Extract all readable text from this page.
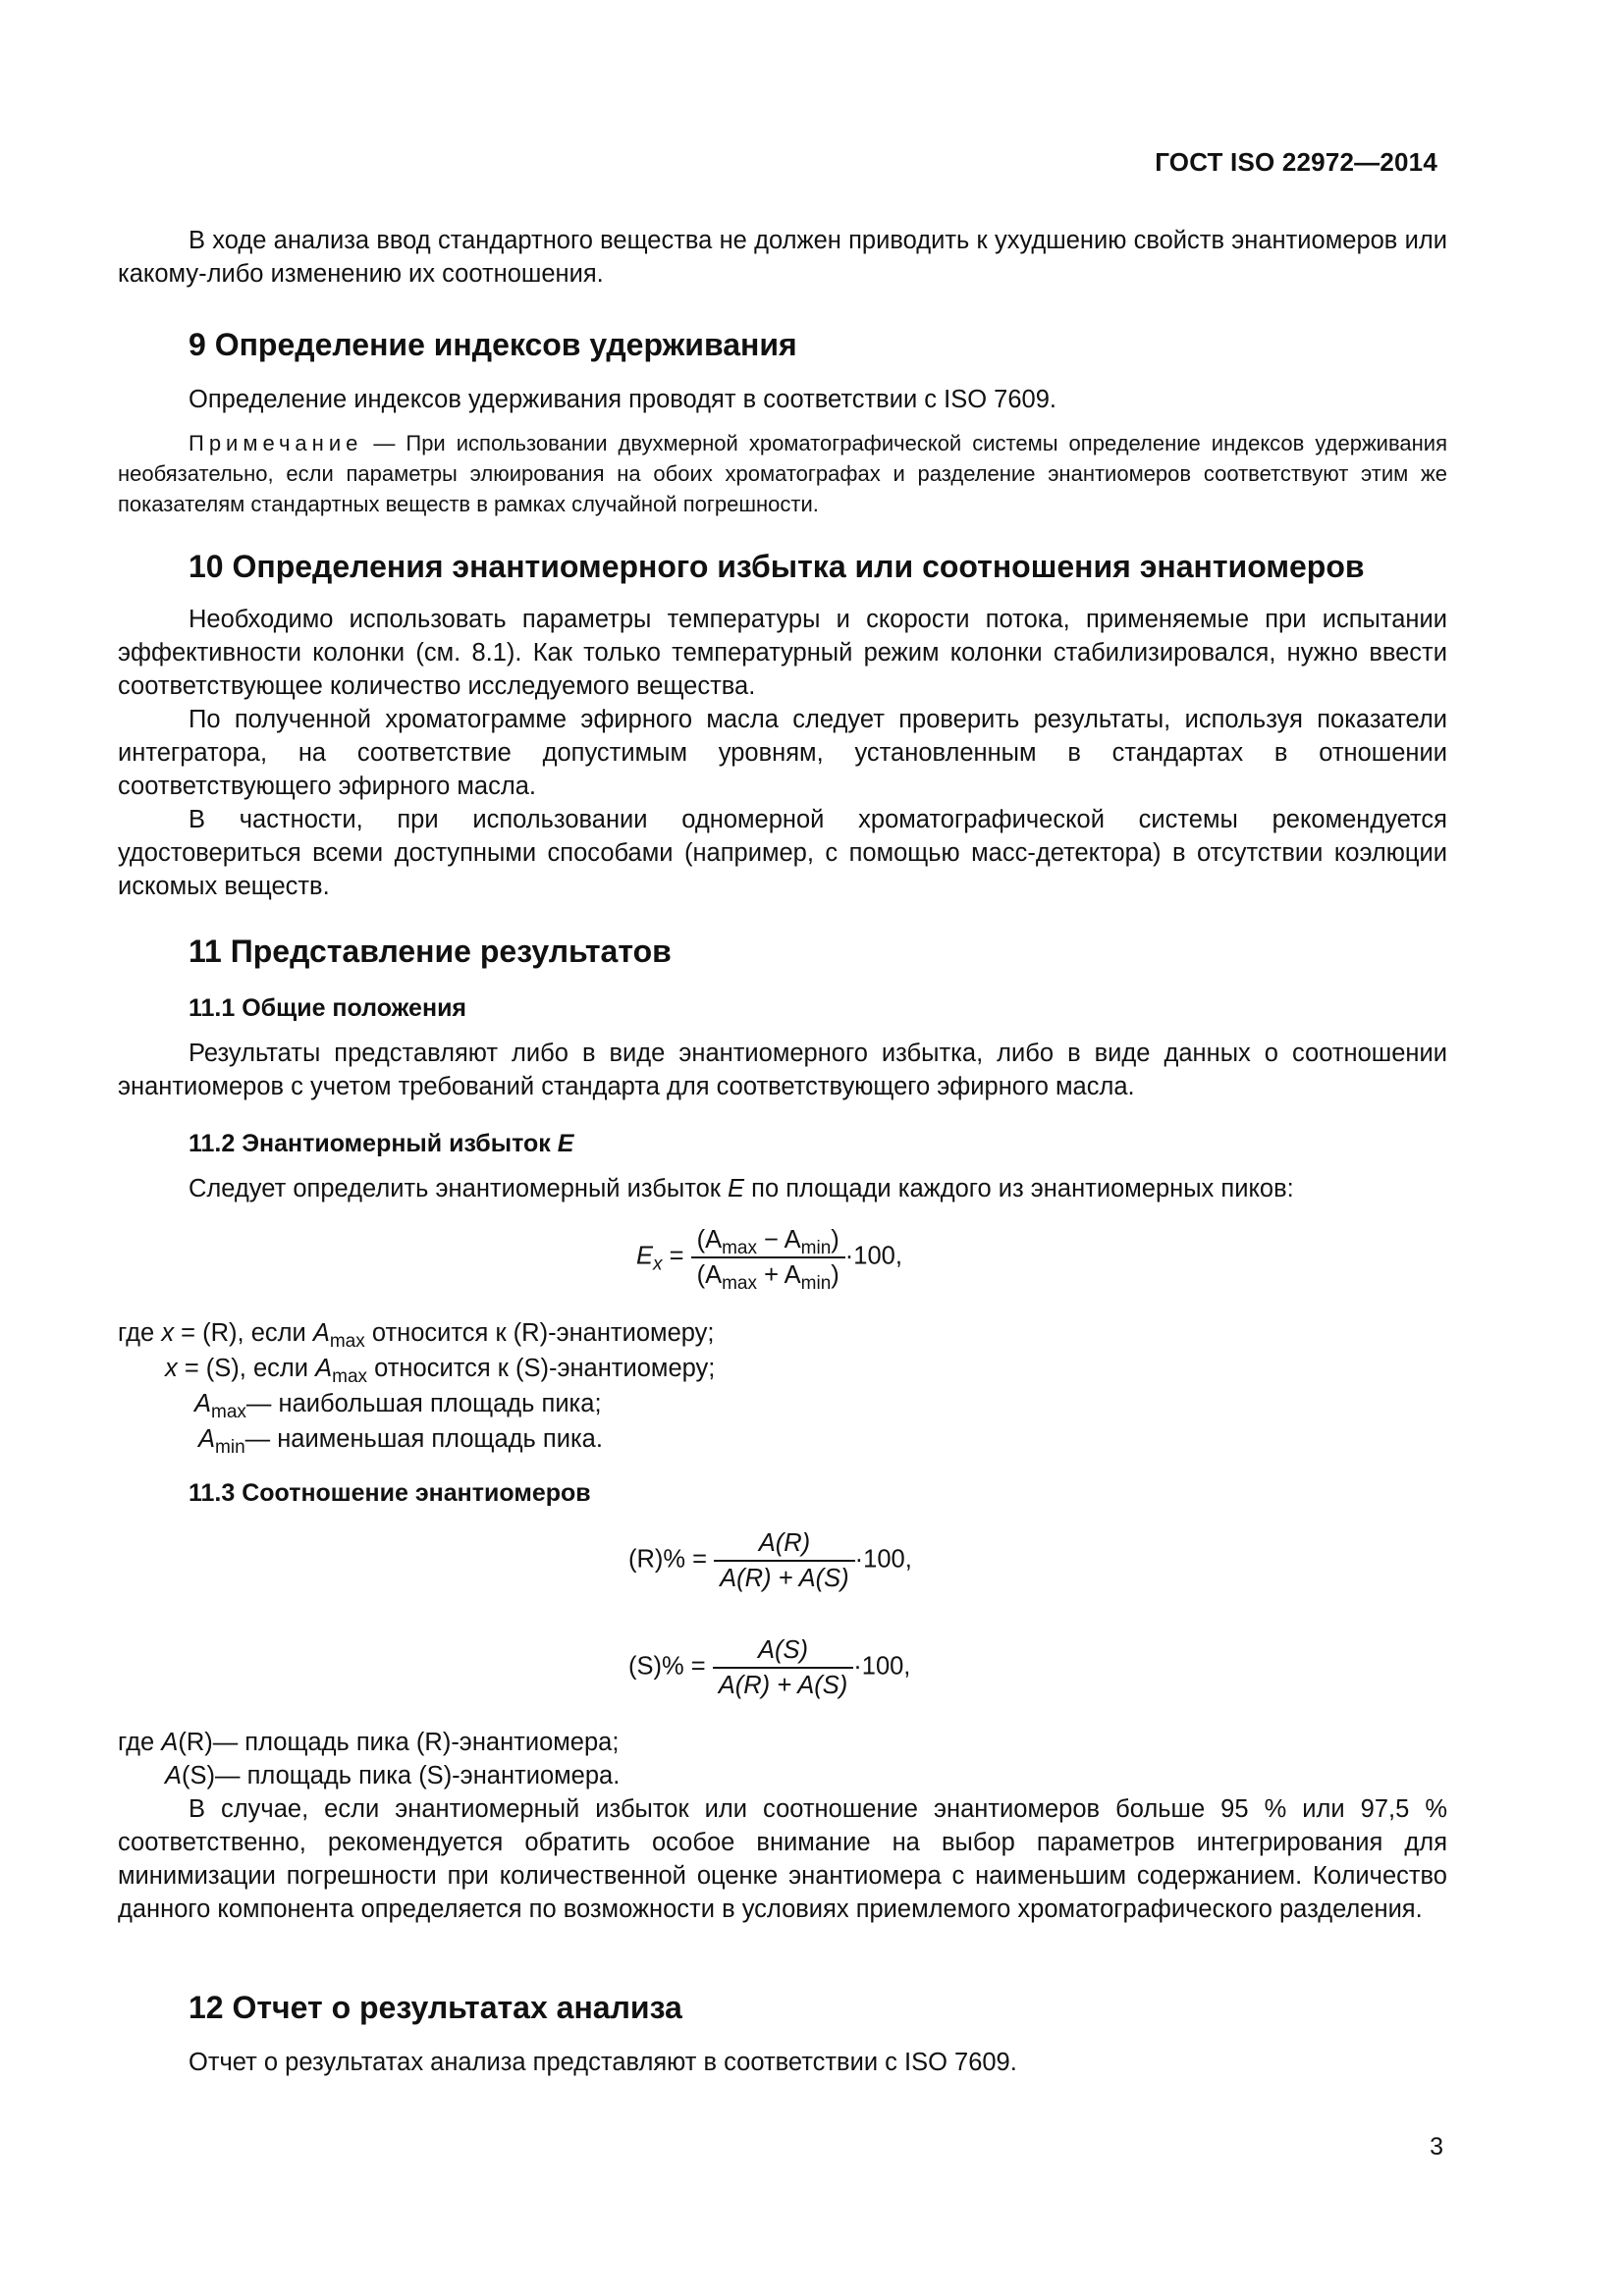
ГОСТ ISO 22972—2014

В ходе анализа ввод стандартного вещества не должен приводить к ухудшению свойств энантиомеров или какому-либо изменению их соотношения.

9 Определение индексов удерживания

Определение индексов удерживания проводят в соответствии с ISO 7609.

Примечание — При использовании двухмерной хроматографической системы определение индексов удерживания необязательно, если параметры элюирования на обоих хроматографах и разделение энантиомеров соответствуют этим же показателям стандартных веществ в рамках случайной погрешности.

10 Определения энантиомерного избытка или соотношения энантиомеров

Необходимо использовать параметры температуры и скорости потока, применяемые при испытании эффективности колонки (см. 8.1). Как только температурный режим колонки стабилизировался, нужно ввести соответствующее количество исследуемого вещества.

По полученной хроматограмме эфирного масла следует проверить результаты, используя показатели интегратора, на соответствие допустимым уровням, установленным в стандартах в отношении соответствующего эфирного масла.

В частности, при использовании одномерной хроматографической системы рекомендуется удостовериться всеми доступными способами (например, с помощью масс-детектора) в отсутствии коэлюции искомых веществ.

11 Представление результатов
11.1 Общие положения

Результаты представляют либо в виде энантиомерного избытка, либо в виде данных о соотношении энантиомеров с учетом требований стандарта для соответствующего эфирного масла.

11.2 Энантиомерный избыток E

Следует определить энантиомерный избыток E по площади каждого из энантиомерных пиков:

$E_x = \frac{(A_{max} - A_{min})}{(A_{max} + A_{min})} \cdot 100$,
где x = (R), если $A_{max}$ относится к (R)-энантиомеру;
x = (S), если $A_{max}$ относится к (S)-энантиомеру;
$A_{max}—$ наибольшая площадь пика;
$A_{min}—$ наименьшая площадь пика.
11.3 Соотношение энантиомеров
$(R)\% = \frac{A(R)}{A(R) + A(S)} \cdot 100$,
$(S)\% = \frac{A(S)}{A(R) + A(S)} \cdot 100$,
где A(R)— площадь пика (R)-энантиомера;
A(S)— площадь пика (S)-энантиомера.

В случае, если энантиомерный избыток или соотношение энантиомеров больше 95 % или 97,5 % соответственно, рекомендуется обратить особое внимание на выбор параметров интегрирования для минимизации погрешности при количественной оценке энантиомера с наименьшим содержанием. Количество данного компонента определяется по возможности в условиях приемлемого хроматографического разделения.

12 Отчет о результатах анализа

Отчет о результатах анализа представляют в соответствии с ISO 7609.

3
